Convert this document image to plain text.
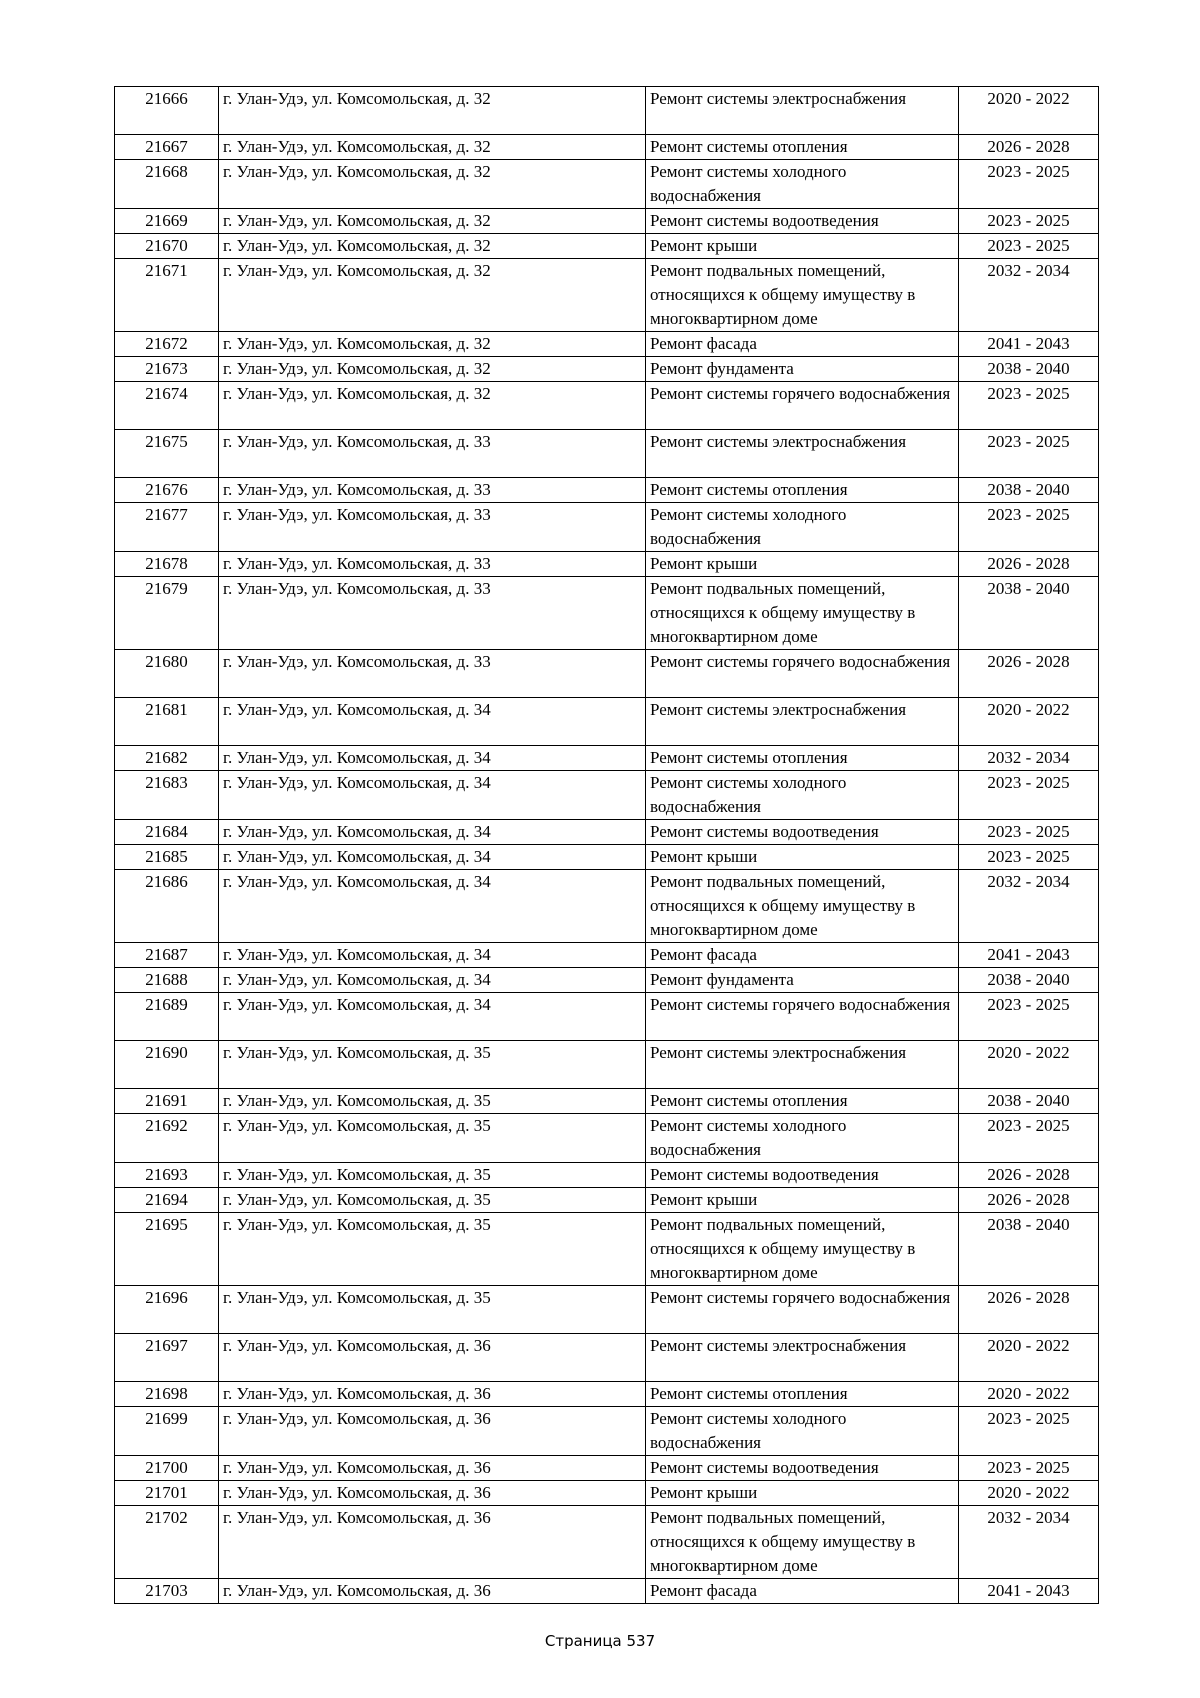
21666	г. Улан-Удэ, ул. Комсомольская, д. 32	Ремонт системы электроснабжения	2020 - 2022
21667	г. Улан-Удэ, ул. Комсомольская, д. 32	Ремонт системы отопления	2026 - 2028
21668	г. Улан-Удэ, ул. Комсомольская, д. 32	Ремонт системы холодного водоснабжения	2023 - 2025
21669	г. Улан-Удэ, ул. Комсомольская, д. 32	Ремонт системы водоотведения	2023 - 2025
21670	г. Улан-Удэ, ул. Комсомольская, д. 32	Ремонт крыши	2023 - 2025
21671	г. Улан-Удэ, ул. Комсомольская, д. 32	Ремонт подвальных помещений, относящихся к общему имуществу в многоквартирном доме	2032 - 2034
21672	г. Улан-Удэ, ул. Комсомольская, д. 32	Ремонт фасада	2041 - 2043
21673	г. Улан-Удэ, ул. Комсомольская, д. 32	Ремонт фундамента	2038 - 2040
21674	г. Улан-Удэ, ул. Комсомольская, д. 32	Ремонт системы горячего водоснабжения	2023 - 2025
21675	г. Улан-Удэ, ул. Комсомольская, д. 33	Ремонт системы электроснабжения	2023 - 2025
21676	г. Улан-Удэ, ул. Комсомольская, д. 33	Ремонт системы отопления	2038 - 2040
21677	г. Улан-Удэ, ул. Комсомольская, д. 33	Ремонт системы холодного водоснабжения	2023 - 2025
21678	г. Улан-Удэ, ул. Комсомольская, д. 33	Ремонт крыши	2026 - 2028
21679	г. Улан-Удэ, ул. Комсомольская, д. 33	Ремонт подвальных помещений, относящихся к общему имуществу в многоквартирном доме	2038 - 2040
21680	г. Улан-Удэ, ул. Комсомольская, д. 33	Ремонт системы горячего водоснабжения	2026 - 2028
21681	г. Улан-Удэ, ул. Комсомольская, д. 34	Ремонт системы электроснабжения	2020 - 2022
21682	г. Улан-Удэ, ул. Комсомольская, д. 34	Ремонт системы отопления	2032 - 2034
21683	г. Улан-Удэ, ул. Комсомольская, д. 34	Ремонт системы холодного водоснабжения	2023 - 2025
21684	г. Улан-Удэ, ул. Комсомольская, д. 34	Ремонт системы водоотведения	2023 - 2025
21685	г. Улан-Удэ, ул. Комсомольская, д. 34	Ремонт крыши	2023 - 2025
21686	г. Улан-Удэ, ул. Комсомольская, д. 34	Ремонт подвальных помещений, относящихся к общему имуществу в многоквартирном доме	2032 - 2034
21687	г. Улан-Удэ, ул. Комсомольская, д. 34	Ремонт фасада	2041 - 2043
21688	г. Улан-Удэ, ул. Комсомольская, д. 34	Ремонт фундамента	2038 - 2040
21689	г. Улан-Удэ, ул. Комсомольская, д. 34	Ремонт системы горячего водоснабжения	2023 - 2025
21690	г. Улан-Удэ, ул. Комсомольская, д. 35	Ремонт системы электроснабжения	2020 - 2022
21691	г. Улан-Удэ, ул. Комсомольская, д. 35	Ремонт системы отопления	2038 - 2040
21692	г. Улан-Удэ, ул. Комсомольская, д. 35	Ремонт системы холодного водоснабжения	2023 - 2025
21693	г. Улан-Удэ, ул. Комсомольская, д. 35	Ремонт системы водоотведения	2026 - 2028
21694	г. Улан-Удэ, ул. Комсомольская, д. 35	Ремонт крыши	2026 - 2028
21695	г. Улан-Удэ, ул. Комсомольская, д. 35	Ремонт подвальных помещений, относящихся к общему имуществу в многоквартирном доме	2038 - 2040
21696	г. Улан-Удэ, ул. Комсомольская, д. 35	Ремонт системы горячего водоснабжения	2026 - 2028
21697	г. Улан-Удэ, ул. Комсомольская, д. 36	Ремонт системы электроснабжения	2020 - 2022
21698	г. Улан-Удэ, ул. Комсомольская, д. 36	Ремонт системы отопления	2020 - 2022
21699	г. Улан-Удэ, ул. Комсомольская, д. 36	Ремонт системы холодного водоснабжения	2023 - 2025
21700	г. Улан-Удэ, ул. Комсомольская, д. 36	Ремонт системы водоотведения	2023 - 2025
21701	г. Улан-Удэ, ул. Комсомольская, д. 36	Ремонт крыши	2020 - 2022
21702	г. Улан-Удэ, ул. Комсомольская, д. 36	Ремонт подвальных помещений, относящихся к общему имуществу в многоквартирном доме	2032 - 2034
21703	г. Улан-Удэ, ул. Комсомольская, д. 36	Ремонт фасада	2041 - 2043
Страница 537
